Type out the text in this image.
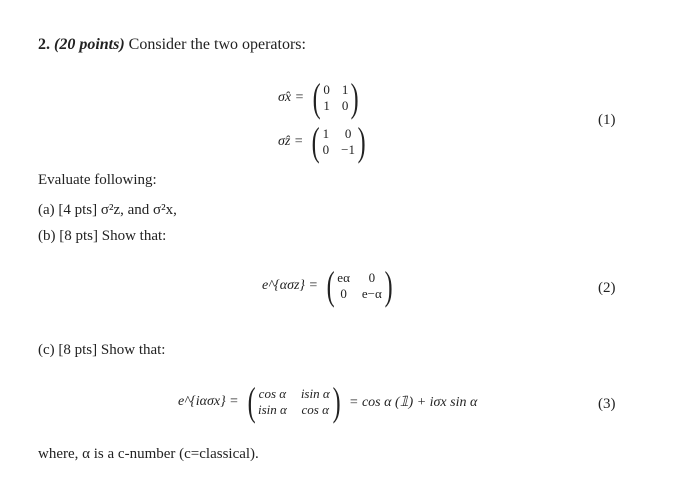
2. (20 points) Consider the two operators:
σ̂x = ( 0 1
1 0 )
σ̂z = ( 1 0
0 −1 )	(1)
Evaluate following:
(a) [4 pts] σ²z, and σ²x,
(b) [8 pts] Show that:
e^{ασz} = ( eα	0
0 e−α )	(2)
(c) [8 pts] Show that:
e^{iασx} = ( cos α isin α
isin α cos α ) = cos α (𝟙) + iσx sin α	(3)
where, α is a c-number (c=classical).
